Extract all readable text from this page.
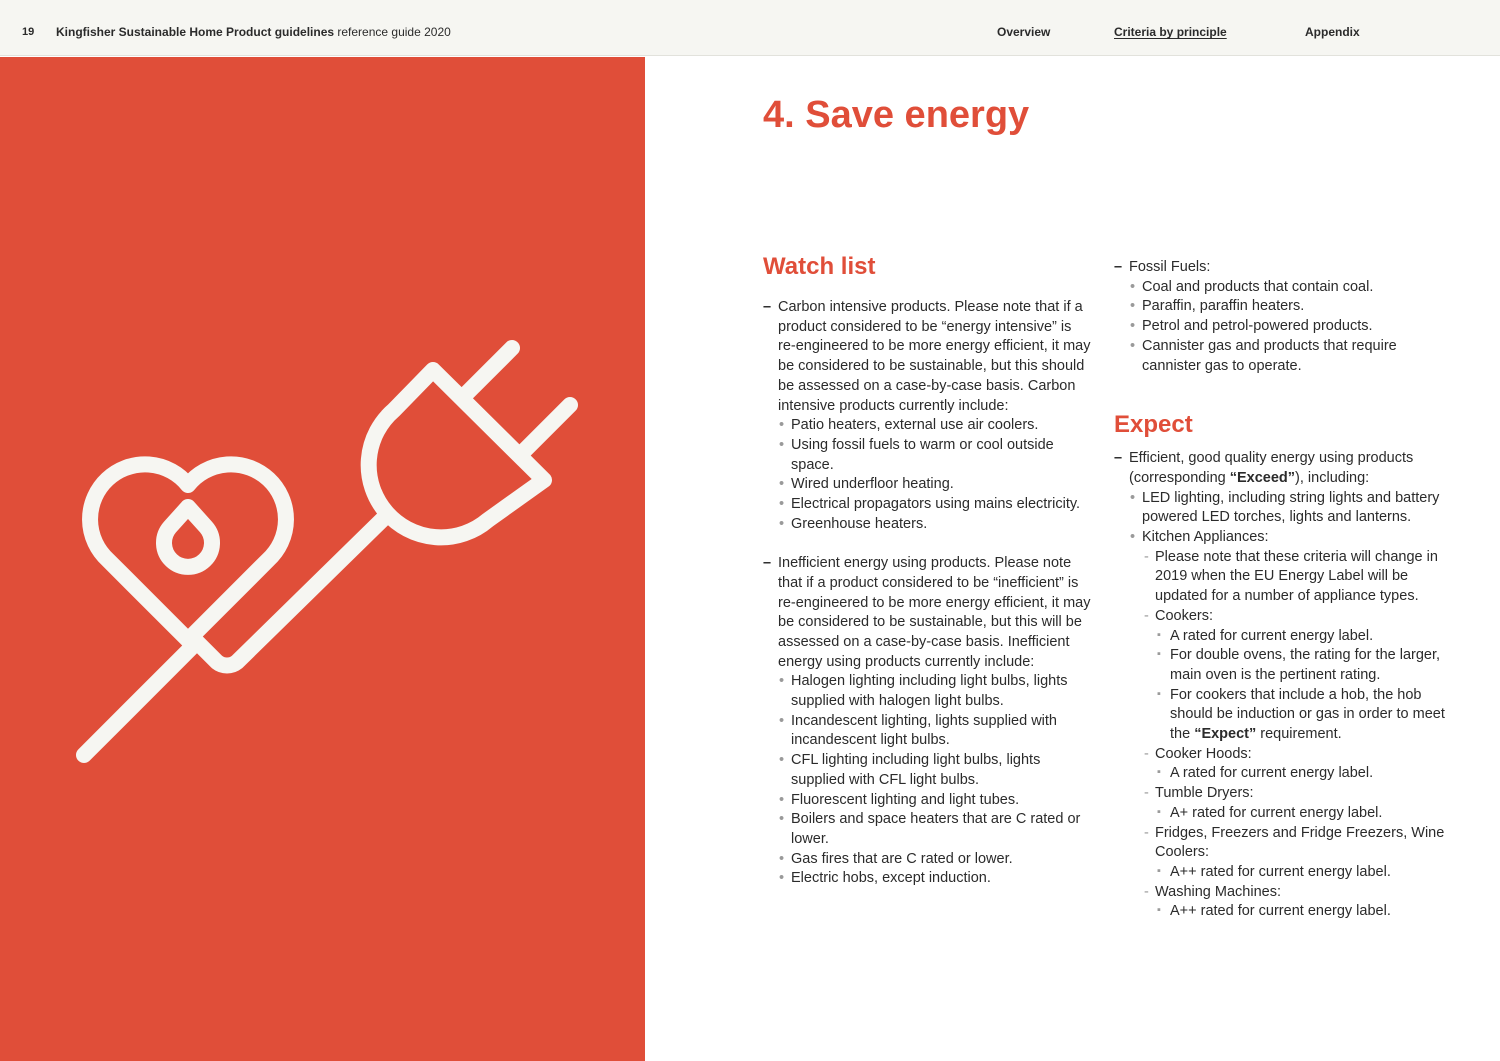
19 Kingfisher Sustainable Home Product guidelines reference guide 2020	Overview	Criteria by principle	Appendix
4. Save energy
Watch list
– Carbon intensive products. Please note that if a product considered to be “energy intensive” is re-engineered to be more energy efficient, it may be considered to be sustainable, but this should be assessed on a case-by-case basis. Carbon intensive products currently include:
• Patio heaters, external use air coolers.
• Using fossil fuels to warm or cool outside space.
• Wired underfloor heating.
• Electrical propagators using mains electricity.
• Greenhouse heaters.
– Inefficient energy using products. Please note that if a product considered to be “inefficient” is re-engineered to be more energy efficient, it may be considered to be sustainable, but this will be assessed on a case-by-case basis. Inefficient energy using products currently include:
• Halogen lighting including light bulbs, lights supplied with halogen light bulbs.
• Incandescent lighting, lights supplied with incandescent light bulbs.
• CFL lighting including light bulbs, lights supplied with CFL light bulbs.
• Fluorescent lighting and light tubes.
• Boilers and space heaters that are C rated or lower.
• Gas fires that are C rated or lower.
• Electric hobs, except induction.
– Fossil Fuels:
• Coal and products that contain coal.
• Paraffin, paraffin heaters.
• Petrol and petrol-powered products.
• Cannister gas and products that require cannister gas to operate.
Expect
– Efficient, good quality energy using products (corresponding “Exceed”), including:
• LED lighting, including string lights and battery powered LED torches, lights and lanterns.
• Kitchen Appliances:
- Please note that these criteria will change in 2019 when the EU Energy Label will be updated for a number of appliance types.
- Cookers:
▪ A rated for current energy label.
▪ For double ovens, the rating for the larger, main oven is the pertinent rating.
▪ For cookers that include a hob, the hob should be induction or gas in order to meet the “Expect” requirement.
- Cooker Hoods:
▪ A rated for current energy label.
- Tumble Dryers:
▪ A+ rated for current energy label.
- Fridges, Freezers and Fridge Freezers, Wine Coolers:
▪ A++ rated for current energy label.
- Washing Machines:
▪ A++ rated for current energy label.
